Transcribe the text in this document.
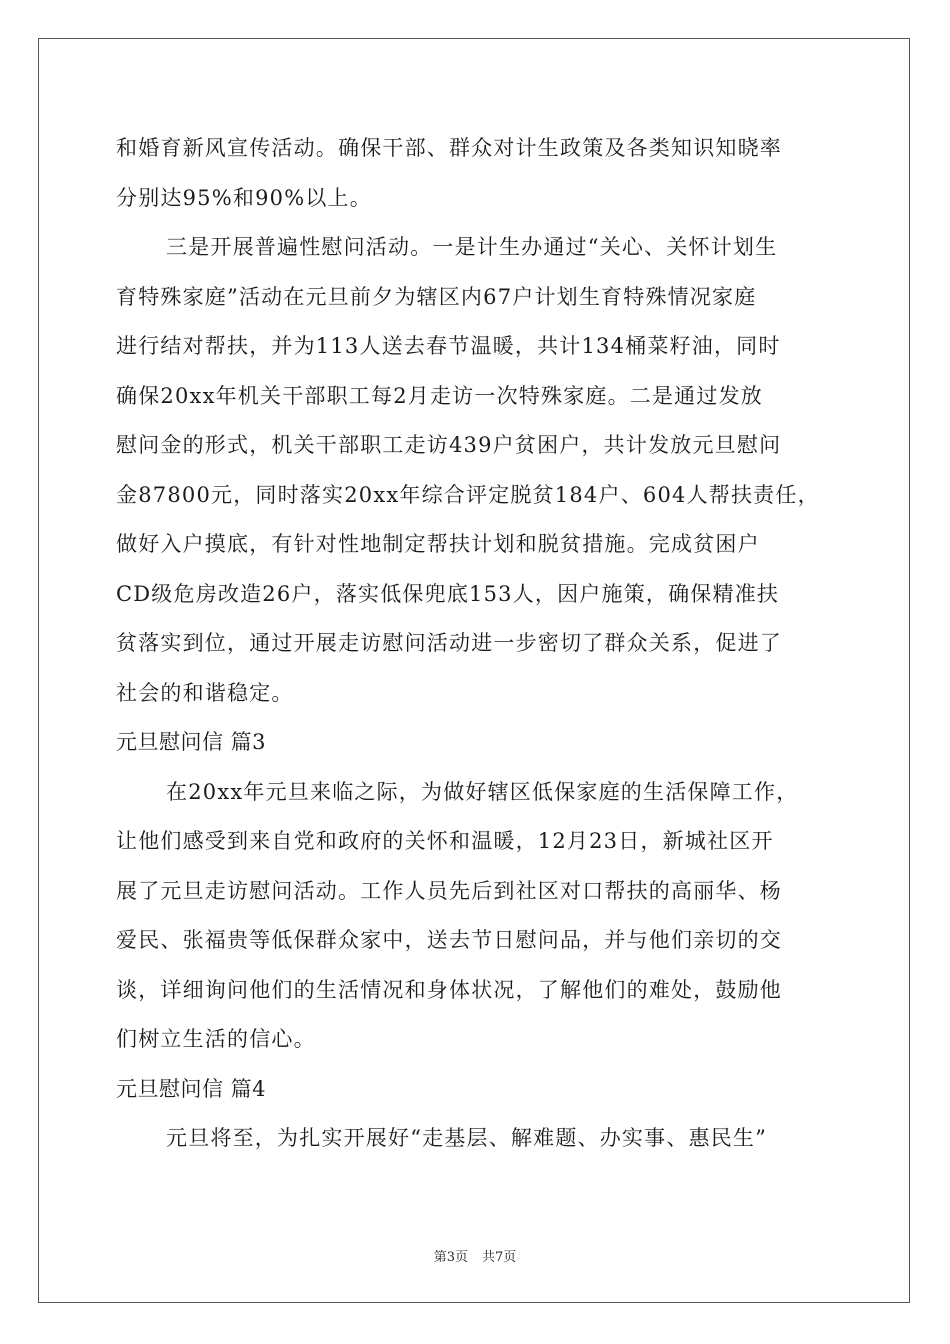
和婚育新风宣传活动。确保干部、群众对计生政策及各类知识知晓率
分别达95%和90%以上。
三是开展普遍性慰问活动。一是计生办通过“关心、关怀计划生
育特殊家庭”活动在元旦前夕为辖区内67户计划生育特殊情况家庭
进行结对帮扶，并为113人送去春节温暖，共计134桶菜籽油，同时
确保20xx年机关干部职工每2月走访一次特殊家庭。二是通过发放
慰问金的形式，机关干部职工走访439户贫困户，共计发放元旦慰问
金87800元，同时落实20xx年综合评定脱贫184户、604人帮扶责任，
做好入户摸底，有针对性地制定帮扶计划和脱贫措施。完成贫困户
CD级危房改造26户，落实低保兜底153人，因户施策，确保精准扶
贫落实到位，通过开展走访慰问活动进一步密切了群众关系，促进了
社会的和谐稳定。
元旦慰问信 篇3
在20xx年元旦来临之际，为做好辖区低保家庭的生活保障工作，
让他们感受到来自党和政府的关怀和温暖，12月23日，新城社区开
展了元旦走访慰问活动。工作人员先后到社区对口帮扶的高丽华、杨
爱民、张福贵等低保群众家中，送去节日慰问品，并与他们亲切的交
谈，详细询问他们的生活情况和身体状况，了解他们的难处，鼓励他
们树立生活的信心。
元旦慰问信 篇4
元旦将至，为扎实开展好“走基层、解难题、办实事、惠民生”
第3页 共7页
